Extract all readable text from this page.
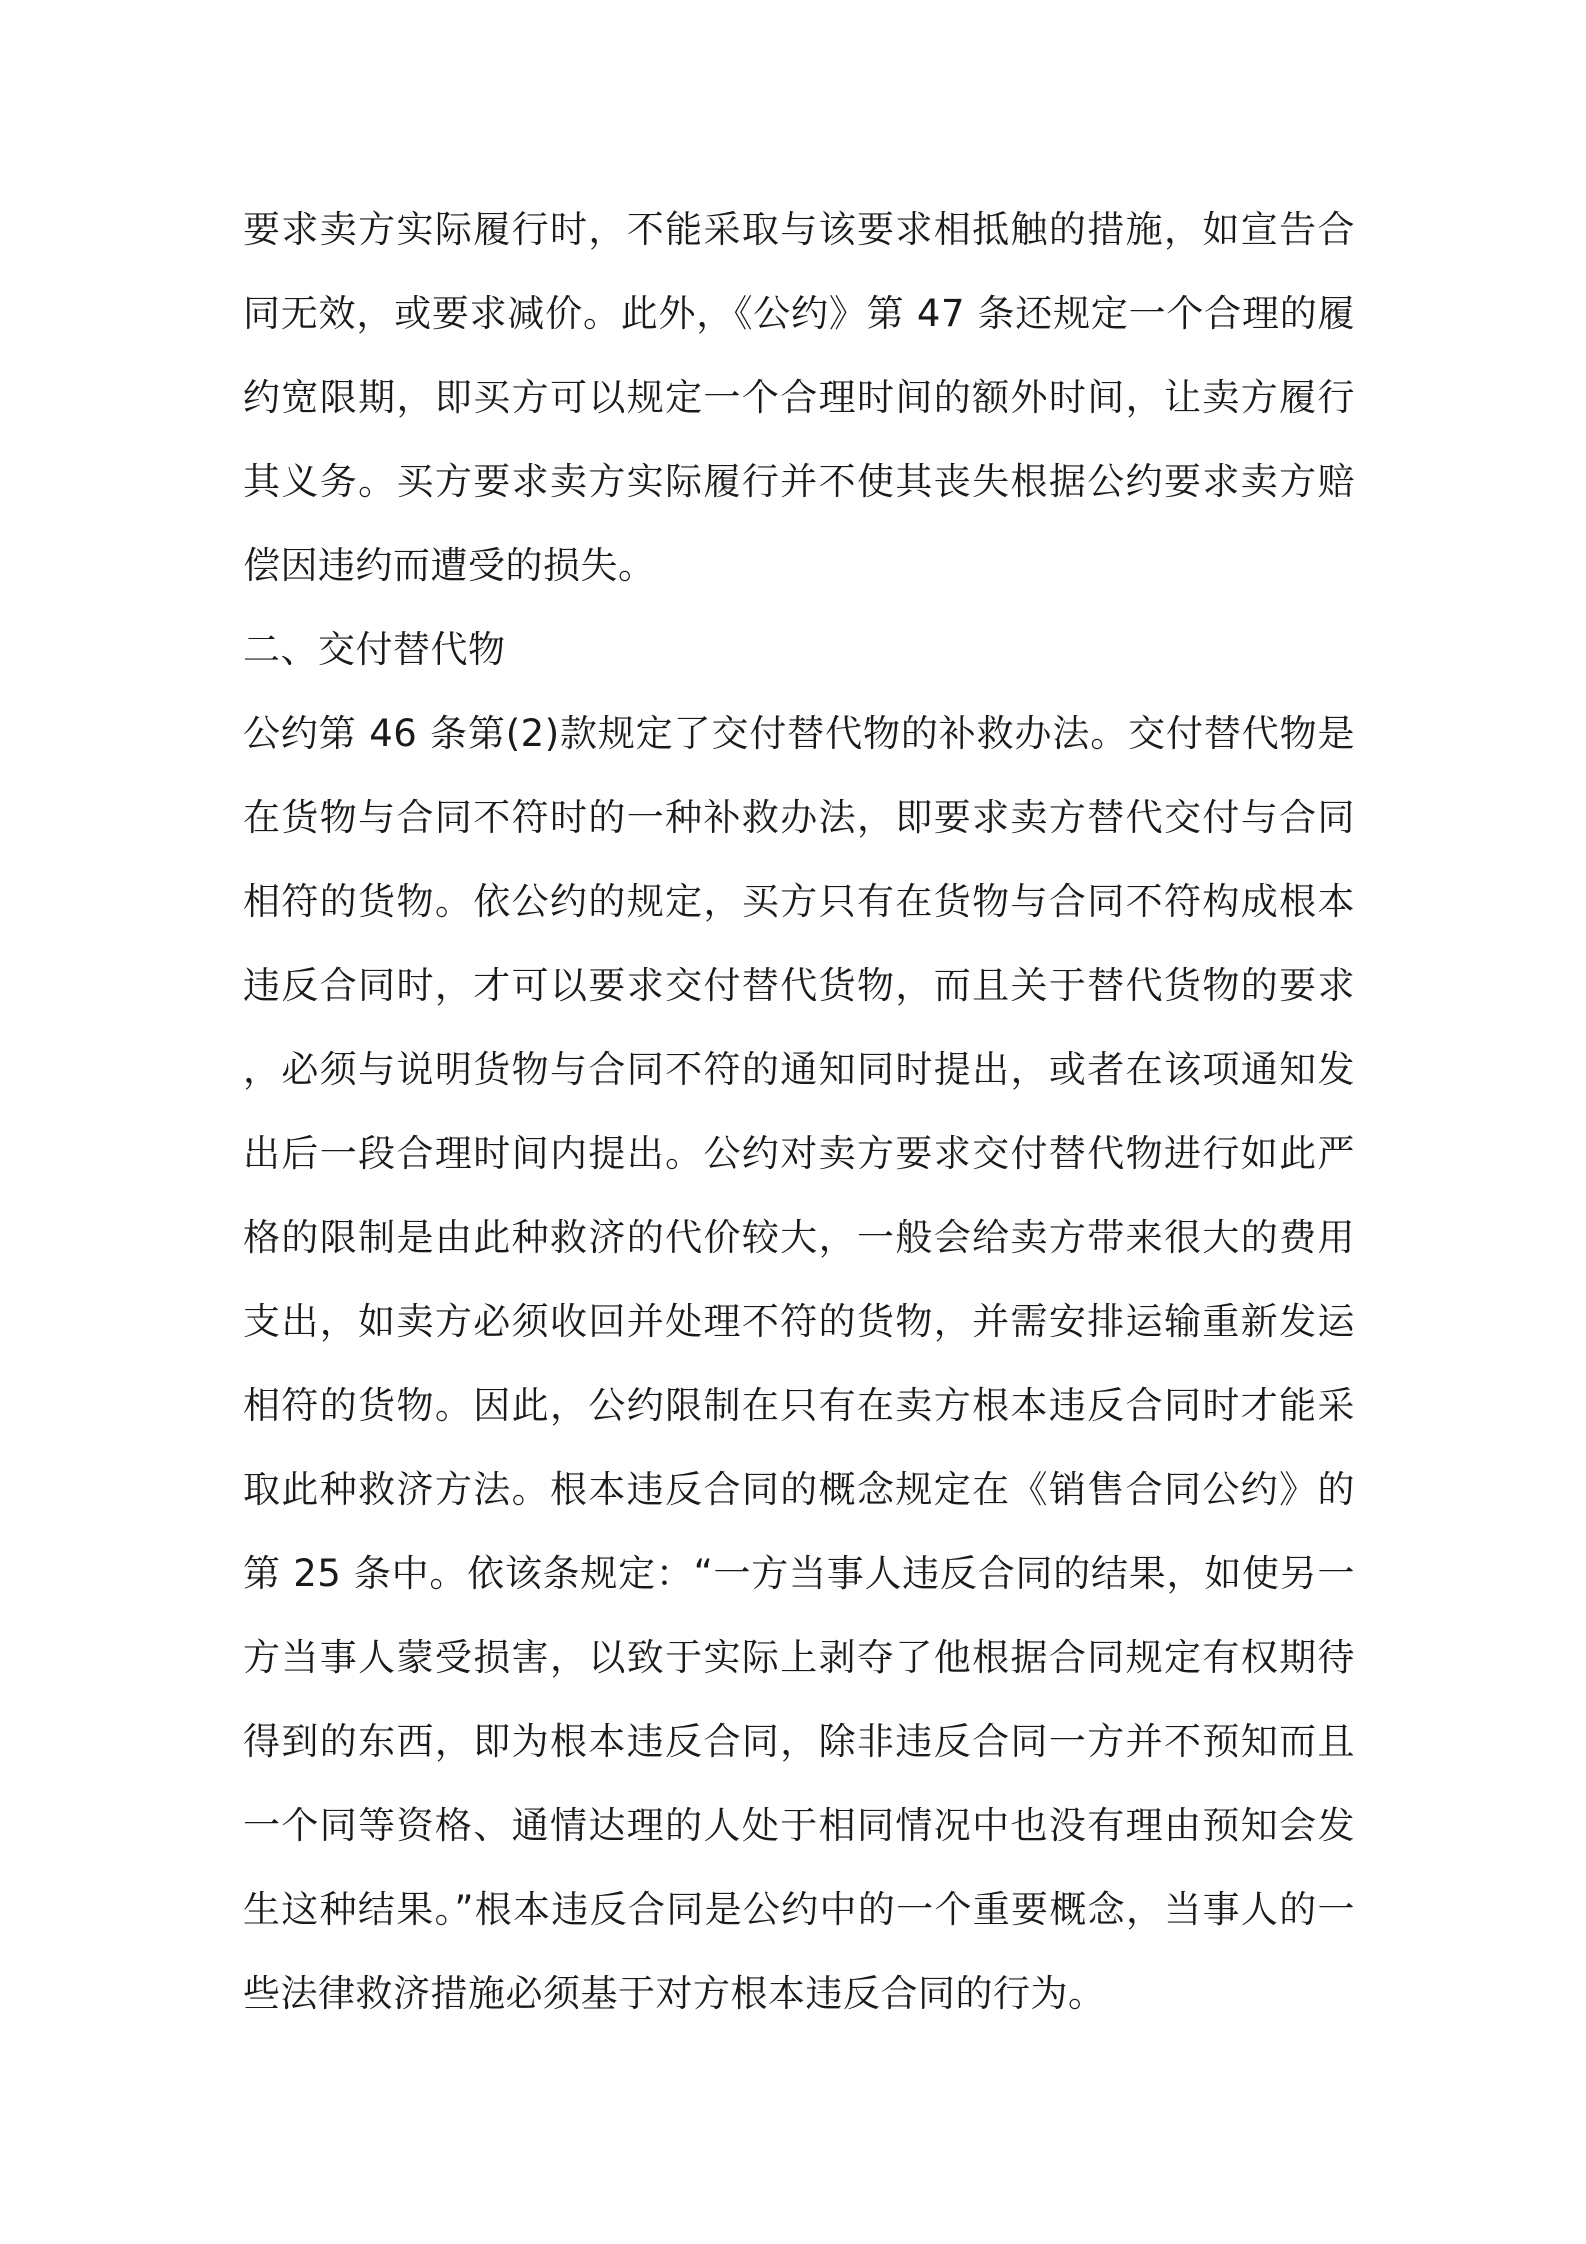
要求卖方实际履行时，不能采取与该要求相抵触的措施，如宣告合同无效，或要求减价。此外，《公约》第 47 条还规定一个合理的履约宽限期，即买方可以规定一个合理时间的额外时间，让卖方履行其义务。买方要求卖方实际履行并不使其丧失根据公约要求卖方赔偿因违约而遭受的损失。

二、交付替代物

公约第 46 条第(2)款规定了交付替代物的补救办法。交付替代物是在货物与合同不符时的一种补救办法，即要求卖方替代交付与合同相符的货物。依公约的规定，买方只有在货物与合同不符构成根本违反合同时，才可以要求交付替代货物，而且关于替代货物的要求，必须与说明货物与合同不符的通知同时提出，或者在该项通知发出后一段合理时间内提出。公约对卖方要求交付替代物进行如此严格的限制是由此种救济的代价较大，一般会给卖方带来很大的费用支出，如卖方必须收回并处理不符的货物，并需安排运输重新发运相符的货物。因此，公约限制在只有在卖方根本违反合同时才能采取此种救济方法。根本违反合同的概念规定在《销售合同公约》的第 25 条中。依该条规定：“一方当事人违反合同的结果，如使另一方当事人蒙受损害，以致于实际上剥夺了他根据合同规定有权期待得到的东西，即为根本违反合同，除非违反合同一方并不预知而且一个同等资格、通情达理的人处于相同情况中也没有理由预知会发生这种结果。”根本违反合同是公约中的一个重要概念，当事人的一些法律救济措施必须基于对方根本违反合同的行为。
